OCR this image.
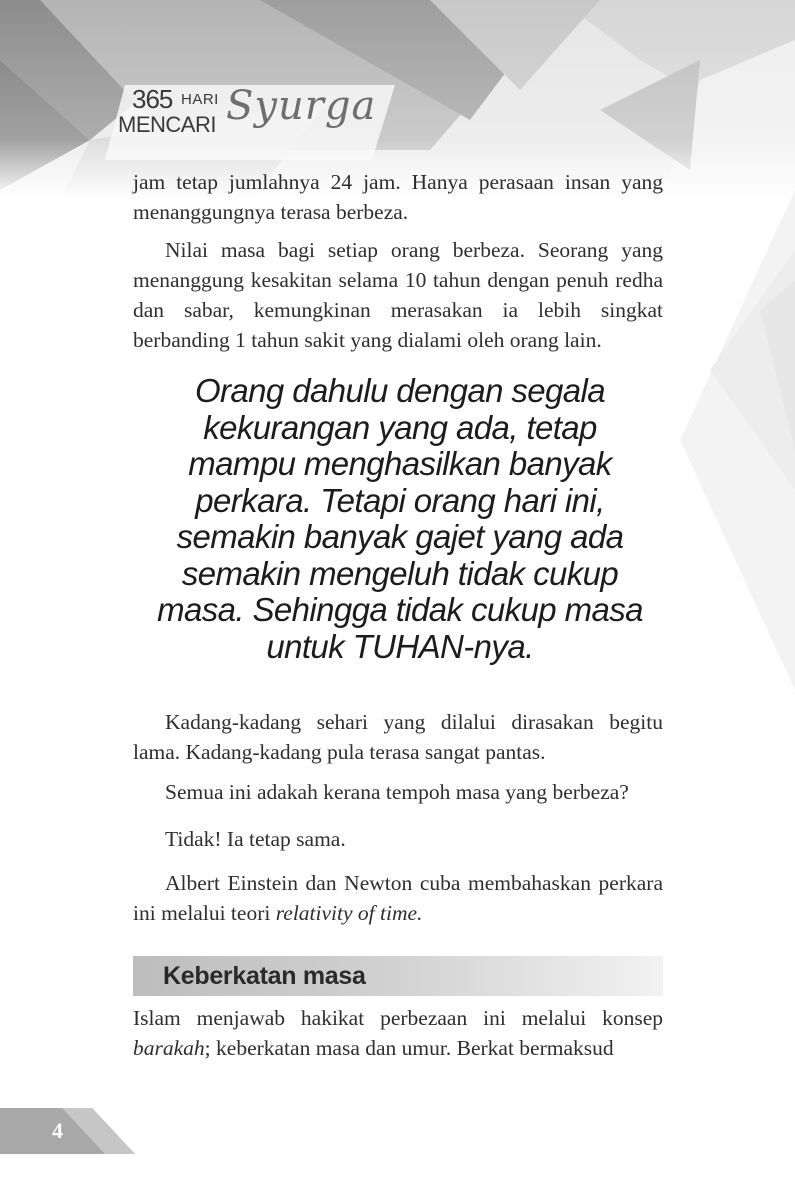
365 HARI
MENCARI Syurga

jam tetap jumlahnya 24 jam. Hanya perasaan insan yang menanggungnya terasa berbeza.

Nilai masa bagi setiap orang berbeza. Seorang yang menanggung kesakitan selama 10 tahun dengan penuh redha dan sabar, kemungkinan merasakan ia lebih singkat berbanding 1 tahun sakit yang dialami oleh orang lain.

Orang dahulu dengan segala kekurangan yang ada, tetap mampu menghasilkan banyak perkara. Tetapi orang hari ini, semakin banyak gajet yang ada semakin mengeluh tidak cukup masa. Sehingga tidak cukup masa untuk TUHAN-nya.

Kadang-kadang sehari yang dilalui dirasakan begitu lama. Kadang-kadang pula terasa sangat pantas.

Semua ini adakah kerana tempoh masa yang berbeza?

Tidak! Ia tetap sama.

Albert Einstein dan Newton cuba membahaskan perkara ini melalui teori relativity of time.

Keberkatan masa

Islam menjawab hakikat perbezaan ini melalui konsep barakah; keberkatan masa dan umur. Berkat bermaksud

4
